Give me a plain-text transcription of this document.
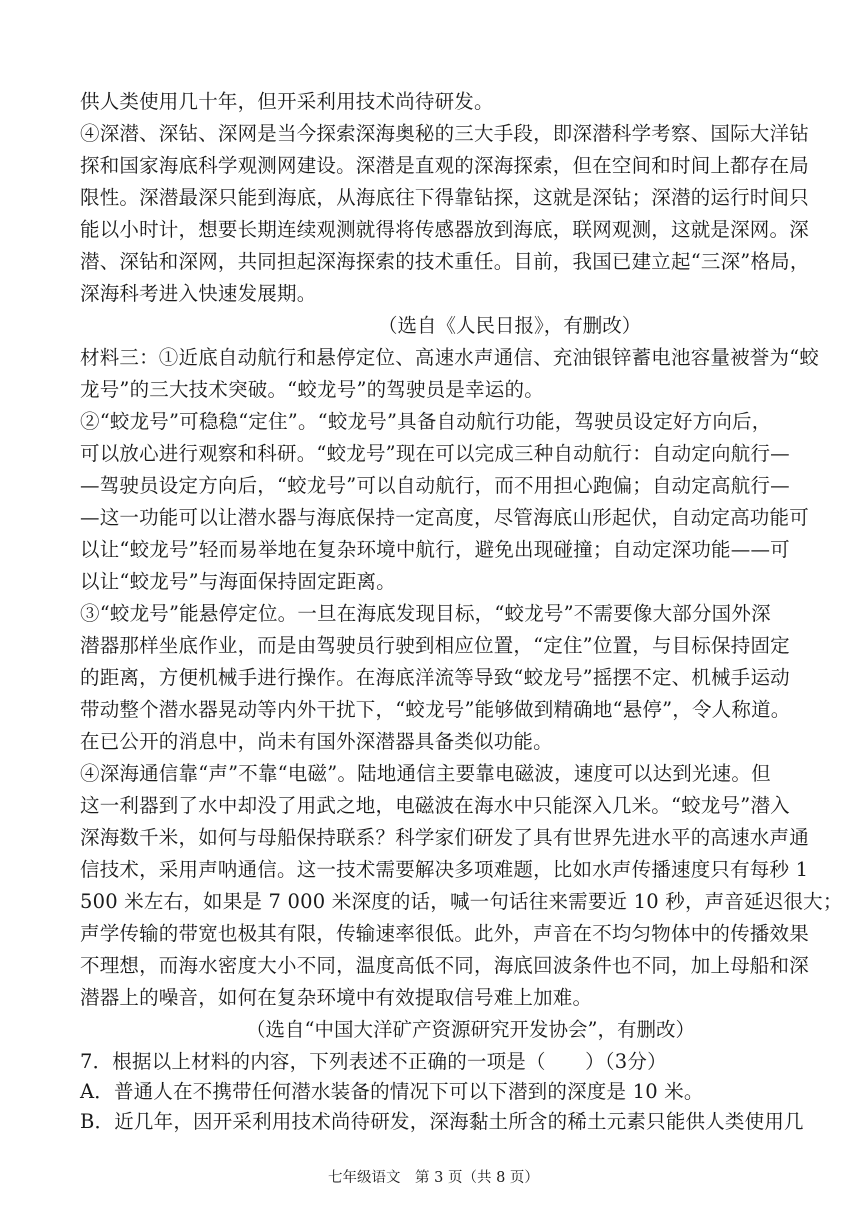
供人类使用几十年，但开采利用技术尚待研发。
④深潜、深钻、深网是当今探索深海奥秘的三大手段，即深潜科学考察、国际大洋钻
探和国家海底科学观测网建设。深潜是直观的深海探索，但在空间和时间上都存在局
限性。深潜最深只能到海底，从海底往下得靠钻探，这就是深钻；深潜的运行时间只
能以小时计，想要长期连续观测就得将传感器放到海底，联网观测，这就是深网。深
潜、深钻和深网，共同担起深海探索的技术重任。目前，我国已建立起“三深”格局，
深海科考进入快速发展期。
（选自《人民日报》，有删改）
材料三：①近底自动航行和悬停定位、高速水声通信、充油银锌蓄电池容量被誉为“蛟
龙号”的三大技术突破。“蛟龙号”的驾驶员是幸运的。
②“蛟龙号”可稳稳“定住”。“蛟龙号”具备自动航行功能，驾驶员设定好方向后，
可以放心进行观察和科研。“蛟龙号”现在可以完成三种自动航行：自动定向航行—
—驾驶员设定方向后，“蛟龙号”可以自动航行，而不用担心跑偏；自动定高航行—
—这一功能可以让潜水器与海底保持一定高度，尽管海底山形起伏，自动定高功能可
以让“蛟龙号”轻而易举地在复杂环境中航行，避免出现碰撞；自动定深功能——可
以让“蛟龙号”与海面保持固定距离。
③“蛟龙号”能悬停定位。一旦在海底发现目标，“蛟龙号”不需要像大部分国外深
潜器那样坐底作业，而是由驾驶员行驶到相应位置，“定住”位置，与目标保持固定
的距离，方便机械手进行操作。在海底洋流等导致“蛟龙号”摇摆不定、机械手运动
带动整个潜水器晃动等内外干扰下，“蛟龙号”能够做到精确地“悬停”，令人称道。
在已公开的消息中，尚未有国外深潜器具备类似功能。
④深海通信靠“声”不靠“电磁”。陆地通信主要靠电磁波，速度可以达到光速。但
这一利器到了水中却没了用武之地，电磁波在海水中只能深入几米。“蛟龙号”潜入
深海数千米，如何与母船保持联系？科学家们研发了具有世界先进水平的高速水声通
信技术，采用声呐通信。这一技术需要解决多项难题，比如水声传播速度只有每秒 1
500 米左右，如果是 7 000 米深度的话，喊一句话往来需要近 10 秒，声音延迟很大；
声学传输的带宽也极其有限，传输速率很低。此外，声音在不均匀物体中的传播效果
不理想，而海水密度大小不同，温度高低不同，海底回波条件也不同，加上母船和深
潜器上的噪音，如何在复杂环境中有效提取信号难上加难。
（选自“中国大洋矿产资源研究开发协会”，有删改）
7．根据以上材料的内容，下列表述不正确的一项是（　　）（3分）
A．普通人在不携带任何潜水装备的情况下可以下潜到的深度是 10 米。
B．近几年，因开采利用技术尚待研发，深海黏土所含的稀土元素只能供人类使用几
七年级语文　第 3 页（共 8 页）
